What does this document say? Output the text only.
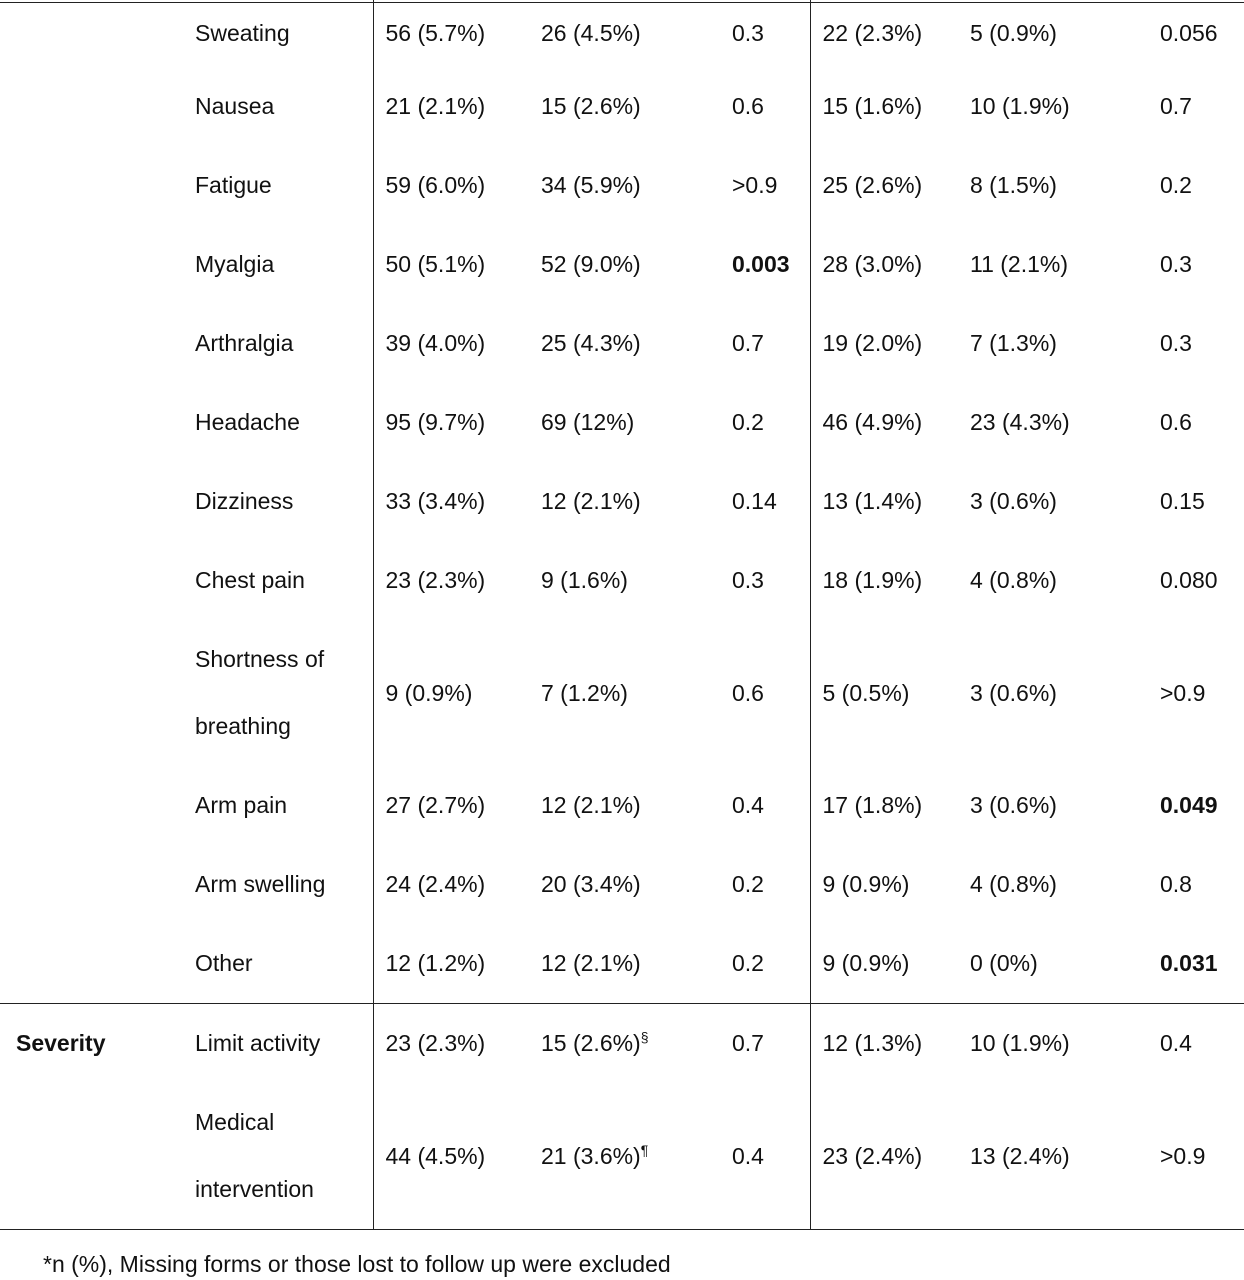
	Sweating	56 (5.7%)	26 (4.5%)	0.3	22 (2.3%)	5 (0.9%)	0.056
	Nausea	21 (2.1%)	15 (2.6%)	0.6	15 (1.6%)	10 (1.9%)	0.7
	Fatigue	59 (6.0%)	34 (5.9%)	>0.9	25 (2.6%)	8 (1.5%)	0.2
	Myalgia	50 (5.1%)	52 (9.0%)	0.003	28 (3.0%)	11 (2.1%)	0.3
	Arthralgia	39 (4.0%)	25 (4.3%)	0.7	19 (2.0%)	7 (1.3%)	0.3
	Headache	95 (9.7%)	69 (12%)	0.2	46 (4.9%)	23 (4.3%)	0.6
	Dizziness	33 (3.4%)	12 (2.1%)	0.14	13 (1.4%)	3 (0.6%)	0.15
	Chest pain	23 (2.3%)	9 (1.6%)	0.3	18 (1.9%)	4 (0.8%)	0.080
	Shortness of breathing	9 (0.9%)	7 (1.2%)	0.6	5 (0.5%)	3 (0.6%)	>0.9
	Arm pain	27 (2.7%)	12 (2.1%)	0.4	17 (1.8%)	3 (0.6%)	0.049
	Arm swelling	24 (2.4%)	20 (3.4%)	0.2	9 (0.9%)	4 (0.8%)	0.8
	Other	12 (1.2%)	12 (2.1%)	0.2	9 (0.9%)	0 (0%)	0.031
Severity	Limit activity	23 (2.3%)	15 (2.6%)§	0.7	12 (1.3%)	10 (1.9%)	0.4
	Medical intervention	44 (4.5%)	21 (3.6%)¶	0.4	23 (2.4%)	13 (2.4%)	>0.9
*n (%), Missing forms or those lost to follow up were excluded
